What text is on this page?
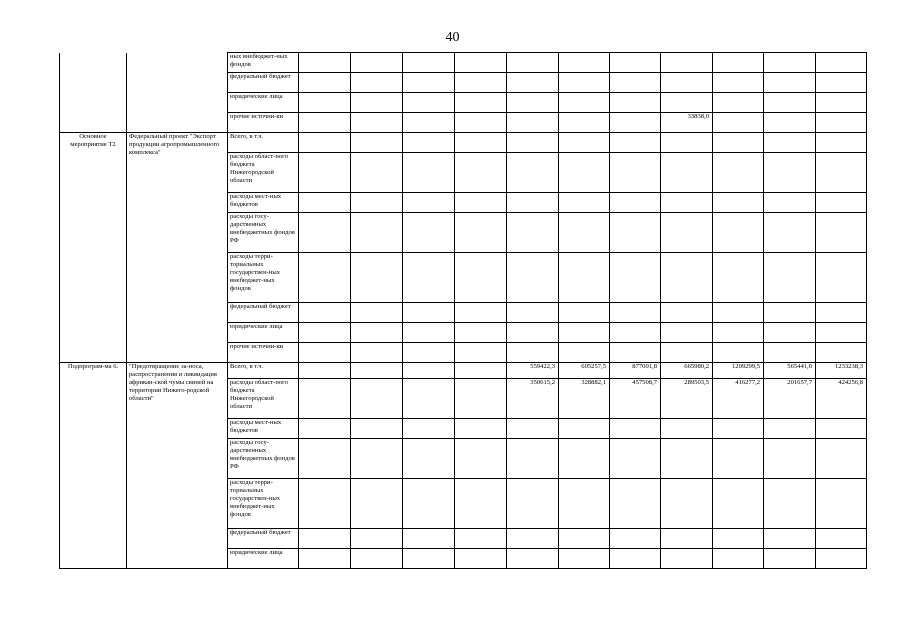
40
		ных внебюджет-ных фондов											
		федеральный бюджет											
		юридические лица											
		прочие источни-ки								33838,0			
Основное мероприятие Т2	Федеральный проект "Экспорт продукции агропромышленного комплекса"	Всего, в т.ч.											
		расходы област-ного бюджета Нижегородской области											
		расходы мест-ных бюджетов											
		расходы госу-дарственных внебюджетных фондов РФ											
		расходы терри-ториальных государствен-ных внебюджет-ных фондов											
		федеральный бюджет											
		юридические лица											
		прочие источни-ки											
Подпрограм-ма 6.	"Предотвращение за-носа, распространения и ликвидация африкан-ской чумы свиней на территории Нижего-родской области"	Всего, в т.ч.					559422,3	605257,5	877001,8	665980,2	1209299,5	565441,0	1233238,3
		расходы област-ного бюджета Нижегородской области					350615,2	328882,1	457508,7	289503,5	416277,2	201657,7	424256,8
		расходы мест-ных бюджетов											
		расходы госу-дарственных внебюджетных фондов РФ											
		расходы терри-ториальных государствен-ных внебюджет-ных фондов											
		федеральный бюджет											
		юридические лица											
